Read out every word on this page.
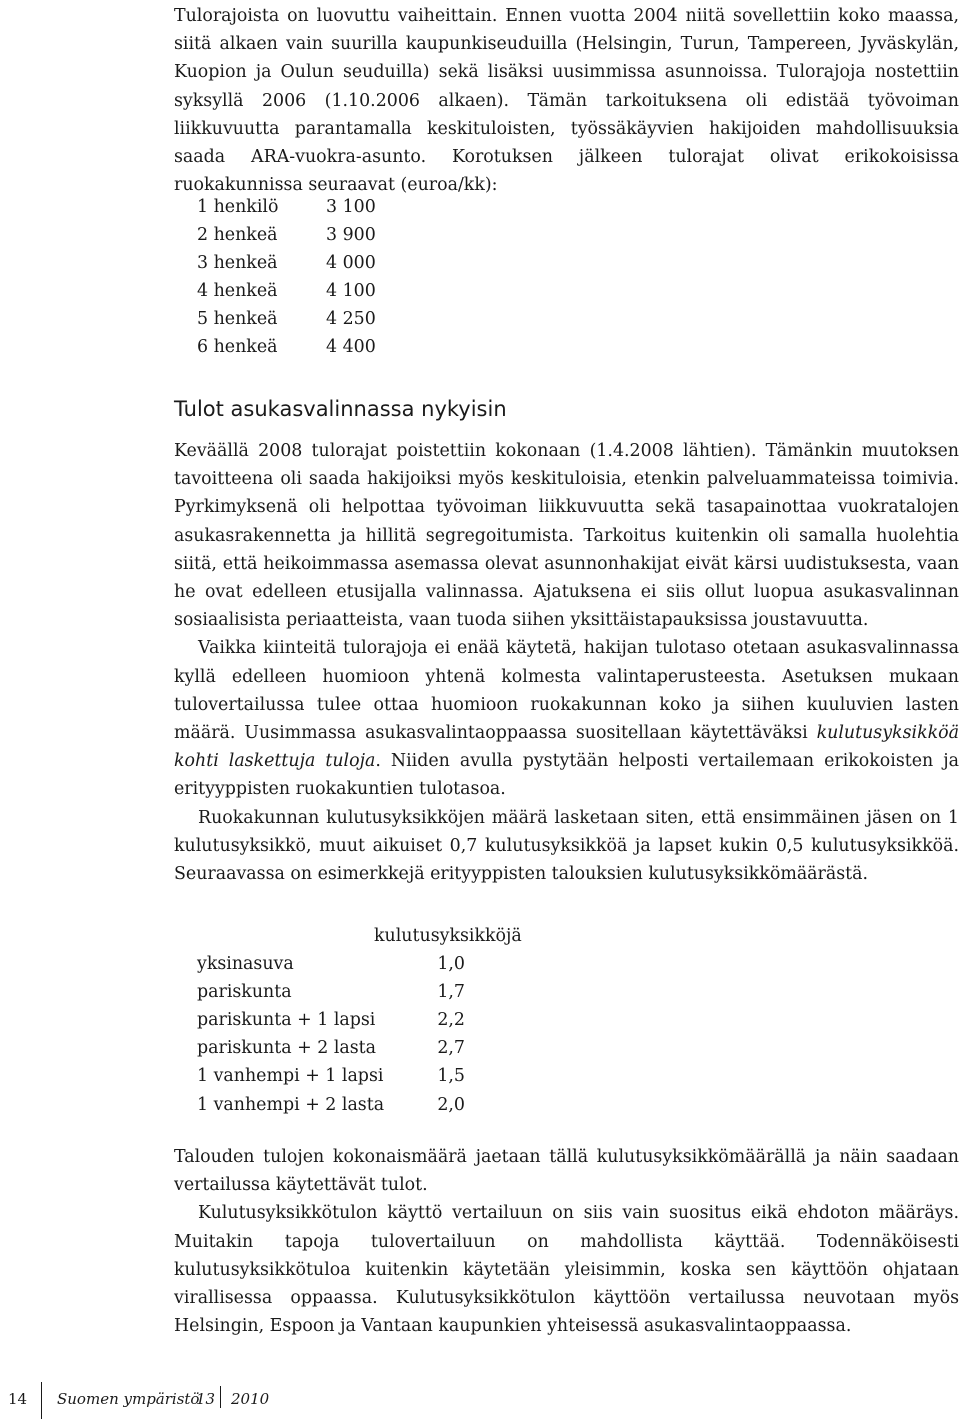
Tulorajoista on luovuttu vaiheittain. Ennen vuotta 2004 niitä sovellettiin koko maassa, siitä alkaen vain suurilla kaupunkiseuduilla (Helsingin, Turun, Tampereen, Jyväskylän, Kuopion ja Oulun seuduilla) sekä lisäksi uusimmissa asunnoissa. Tulorajoja nostettiin syksyllä 2006 (1.10.2006 alkaen). Tämän tarkoituksena oli edistää työvoiman liikkuvuutta parantamalla keskituloisten, työssäkäyvien hakijoiden mahdollisuuksia saada ARA-vuokra-asunto. Korotuksen jälkeen tulorajat olivat erikokoisissa ruokakunnissa seuraavat (euroa/kk):

1 henkilö	3 100
2 henkeä	3 900
3 henkeä	4 000
4 henkeä	4 100
5 henkeä	4 250
6 henkeä	4 400
Tulot asukasvalinnassa nykyisin

Keväällä 2008 tulorajat poistettiin kokonaan (1.4.2008 lähtien). Tämänkin muutoksen tavoitteena oli saada hakijoiksi myös keskituloisia, etenkin palveluammateissa toimivia. Pyrkimyksenä oli helpottaa työvoiman liikkuvuutta sekä tasapainottaa vuokratalojen asukasrakennetta ja hillitä segregoitumista. Tarkoitus kuitenkin oli samalla huolehtia siitä, että heikoimmassa asemassa olevat asunnonhakijat eivät kärsi uudistuksesta, vaan he ovat edelleen etusijalla valinnassa. Ajatuksena ei siis ollut luopua asukasvalinnan sosiaalisista periaatteista, vaan tuoda siihen yksittäistapauksissa joustavuutta.

Vaikka kiinteitä tulorajoja ei enää käytetä, hakijan tulotaso otetaan asukasvalinnassa kyllä edelleen huomioon yhtenä kolmesta valintaperusteesta. Asetuksen mukaan tulovertailussa tulee ottaa huomioon ruokakunnan koko ja siihen kuuluvien lasten määrä. Uusimmassa asukasvalintaoppaassa suositellaan käytettäväksi kulutusyksikköä kohti laskettuja tuloja. Niiden avulla pystytään helposti vertailemaan erikokoisten ja erityyppisten ruokakuntien tulotasoa.

Ruokakunnan kulutusyksikköjen määrä lasketaan siten, että ensimmäinen jäsen on 1 kulutusyksikkö, muut aikuiset 0,7 kulutusyksikköä ja lapset kukin 0,5 kulutusyksikköä. Seuraavassa on esimerkkejä erityyppisten talouksien kulutusyksikkömäärästä.

kulutusyksikköjä
yksinasuva	1,0
pariskunta	1,7
pariskunta + 1 lapsi	2,2
pariskunta + 2 lasta	2,7
1 vanhempi + 1 lapsi	1,5
1 vanhempi + 2 lasta	2,0

Talouden tulojen kokonaismäärä jaetaan tällä kulutusyksikkömäärällä ja näin saadaan vertailussa käytettävät tulot.

Kulutusyksikkötulon käyttö vertailuun on siis vain suositus eikä ehdoton määräys. Muitakin tapoja tulovertailuun on mahdollista käyttää. Todennäköisesti kulutusyksikkötuloa kuitenkin käytetään yleisimmin, koska sen käyttöön ohjataan virallisessa oppaassa. Kulutusyksikkötulon käyttöön vertailussa neuvotaan myös Helsingin, Espoon ja Vantaan kaupunkien yhteisessä asukasvalintaoppaassa.

14 Suomen ympäristö
13 2010
